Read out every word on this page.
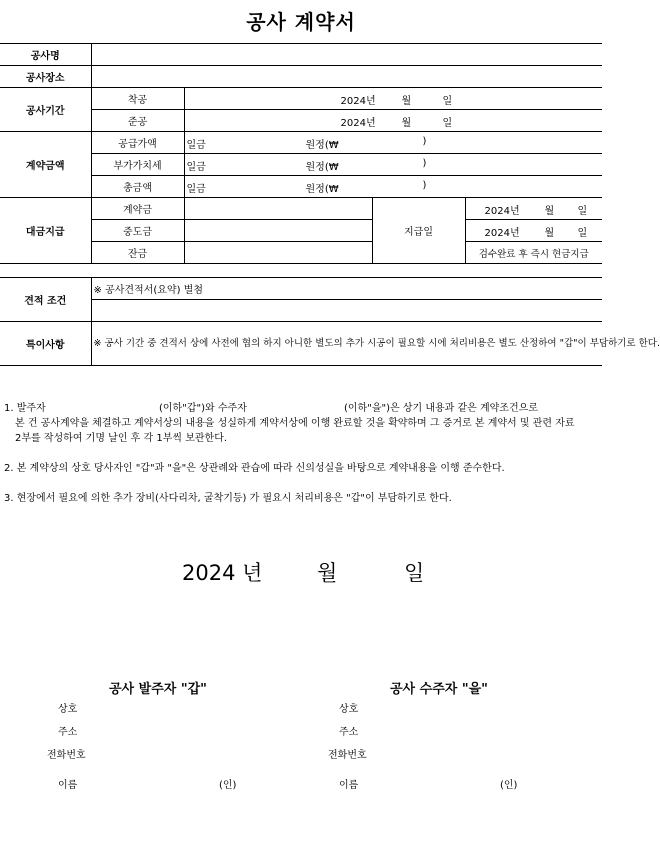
공사 계약서
공사명				
공사장소				
공사기간	착공	2024년 월 일		

	준공	2024년 월 일		

계약금액	공급가액	일금 원정(₩ )		

	부가가치세	일금 원정(₩ )		

	총금액	일금 원정(₩ )		

대금지급	계약금		지급일	2024년 월 일

	중도금			2024년 월 일

	잔금			검수완료 후 즉시 현금지급

견적 조건	※ 공사견적서(요약) 별첨			

특이사항	※ 공사 기간 중 견적서 상에 사전에 협의 하지 아니한 별도의 추가 시공이 필요할 시에 처리비용은 별도 산정하여 "갑"이 부담하기로 한다.			
1. 발주자	(이하"갑")와 수주자	(이하"을")은 상기 내용과 같은 계약조건으로
본 건 공사계약을 체결하고 계약서상의 내용을 성실하게 계약서상에 이행 완료할 것을 확약하며 그 증거로 본 계약서 및 관련 자료
2부를 작성하여 기명 날인 후 각 1부씩 보관한다.
2. 본 계약상의 상호 당사자인 "갑"과 "을"은 상관례와 관습에 따라 신의성실을 바탕으로 계약내용을 이행 준수한다.
3. 현장에서 필요에 의한 추가 장비(사다리차, 굴착기등) 가 필요시 처리비용은 "갑"이 부담하기로 한다.
2024 년	월	일
공사 발주자 "갑"
상호
주소
전화번호
이름	(인)
공사 수주자 "을"
상호
주소
전화번호
이름	(인)
